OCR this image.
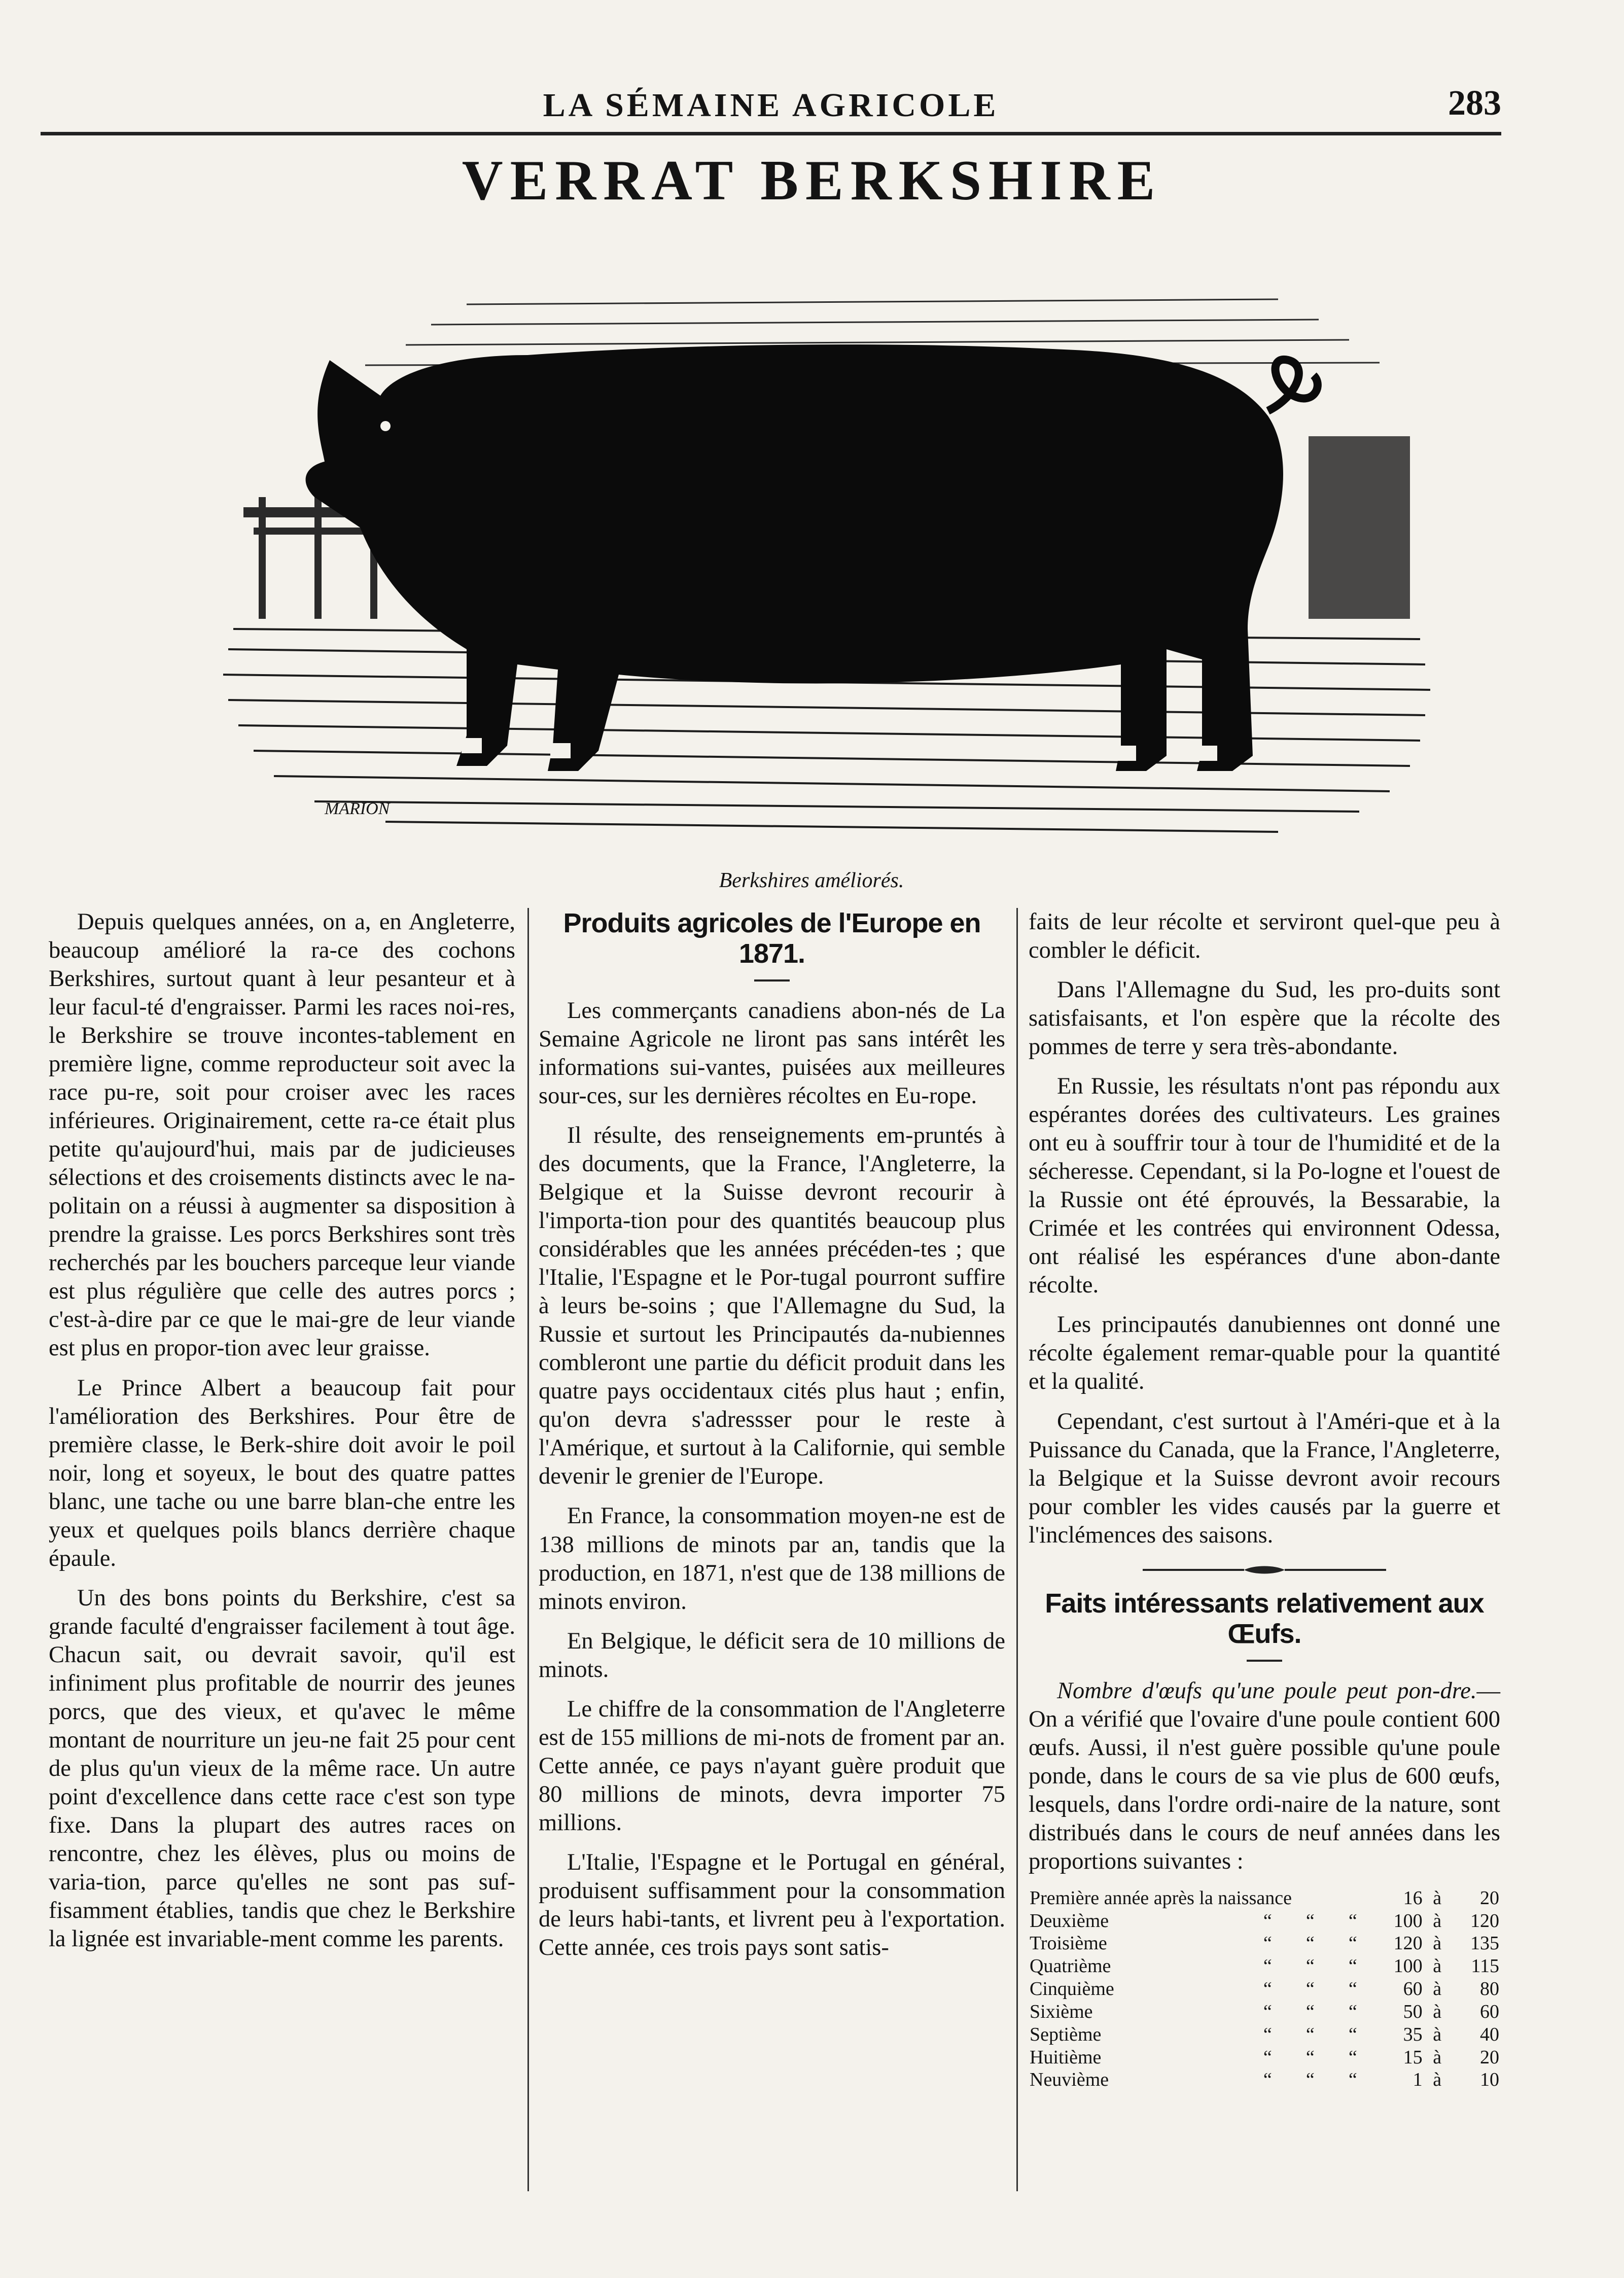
LA SÉMAINE AGRICOLE	283
VERRAT BERKSHIRE
MARION
Berkshires améliorés.

Depuis quelques années, on a, en Angleterre, beaucoup amélioré la ra-ce des cochons Berkshires, surtout quant à leur pesanteur et à leur facul-té d'engraisser. Parmi les races noi-res, le Berkshire se trouve incontes-tablement en première ligne, comme reproducteur soit avec la race pu-re, soit pour croiser avec les races inférieures. Originairement, cette ra-ce était plus petite qu'aujourd'hui, mais par de judicieuses sélections et des croisements distincts avec le na-politain on a réussi à augmenter sa disposition à prendre la graisse. Les porcs Berkshires sont très recherchés par les bouchers parceque leur viande est plus régulière que celle des autres porcs ; c'est-à-dire par ce que le mai-gre de leur viande est plus en propor-tion avec leur graisse.

Le Prince Albert a beaucoup fait pour l'amélioration des Berkshires. Pour être de première classe, le Berk-shire doit avoir le poil noir, long et soyeux, le bout des quatre pattes blanc, une tache ou une barre blan-che entre les yeux et quelques poils blancs derrière chaque épaule.

Un des bons points du Berkshire, c'est sa grande faculté d'engraisser facilement à tout âge. Chacun sait, ou devrait savoir, qu'il est infiniment plus profitable de nourrir des jeunes porcs, que des vieux, et qu'avec le même montant de nourriture un jeu-ne fait 25 pour cent de plus qu'un vieux de la même race. Un autre point d'excellence dans cette race c'est son type fixe. Dans la plupart des autres races on rencontre, chez les élèves, plus ou moins de varia-tion, parce qu'elles ne sont pas suf-fisamment établies, tandis que chez le Berkshire la lignée est invariable-ment comme les parents.

Produits agricoles de l'Europe en 1871.

Les commerçants canadiens abon-nés de La Semaine Agricole ne liront pas sans intérêt les informations sui-vantes, puisées aux meilleures sour-ces, sur les dernières récoltes en Eu-rope.

Il résulte, des renseignements em-pruntés à des documents, que la France, l'Angleterre, la Belgique et la Suisse devront recourir à l'importa-tion pour des quantités beaucoup plus considérables que les années précéden-tes ; que l'Italie, l'Espagne et le Por-tugal pourront suffire à leurs be-soins ; que l'Allemagne du Sud, la Russie et surtout les Principautés da-nubiennes combleront une partie du déficit produit dans les quatre pays occidentaux cités plus haut ; enfin, qu'on devra s'adressser pour le reste à l'Amérique, et surtout à la Californie, qui semble devenir le grenier de l'Europe.

En France, la consommation moyen-ne est de 138 millions de minots par an, tandis que la production, en 1871, n'est que de 138 millions de minots environ.

En Belgique, le déficit sera de 10 millions de minots.

Le chiffre de la consommation de l'Angleterre est de 155 millions de mi-nots de froment par an. Cette année, ce pays n'ayant guère produit que 80 millions de minots, devra importer 75 millions.

L'Italie, l'Espagne et le Portugal en général, produisent suffisamment pour la consommation de leurs habi-tants, et livrent peu à l'exportation. Cette année, ces trois pays sont satis-

faits de leur récolte et serviront quel-que peu à combler le déficit.

Dans l'Allemagne du Sud, les pro-duits sont satisfaisants, et l'on espère que la récolte des pommes de terre y sera très-abondante.

En Russie, les résultats n'ont pas répondu aux espérantes dorées des cultivateurs. Les graines ont eu à souffrir tour à tour de l'humidité et de la sécheresse. Cependant, si la Po-logne et l'ouest de la Russie ont été éprouvés, la Bessarabie, la Crimée et les contrées qui environnent Odessa, ont réalisé les espérances d'une abon-dante récolte.

Les principautés danubiennes ont donné une récolte également remar-quable pour la quantité et la qualité.

Cependant, c'est surtout à l'Améri-que et à la Puissance du Canada, que la France, l'Angleterre, la Belgique et la Suisse devront avoir recours pour combler les vides causés par la guerre et l'inclémences des saisons.

Faits intéressants relativement aux Œufs.

Nombre d'œufs qu'une poule peut pon-dre.—On a vérifié que l'ovaire d'une poule contient 600 œufs. Aussi, il n'est guère possible qu'une poule ponde, dans le cours de sa vie plus de 600 œufs, lesquels, dans l'ordre ordi-naire de la nature, sont distribués dans le cours de neuf années dans les proportions suivantes :

Première année après la naissance				16	à	20
Deuxième	“	“	“	100	à	120
Troisième	“	“	“	120	à	135
Quatrième	“	“	“	100	à	115
Cinquième	“	“	“	60	à	80
Sixième	“	“	“	50	à	60
Septième	“	“	“	35	à	40
Huitième	“	“	“	15	à	20
Neuvième	“	“	“	1	à	10
